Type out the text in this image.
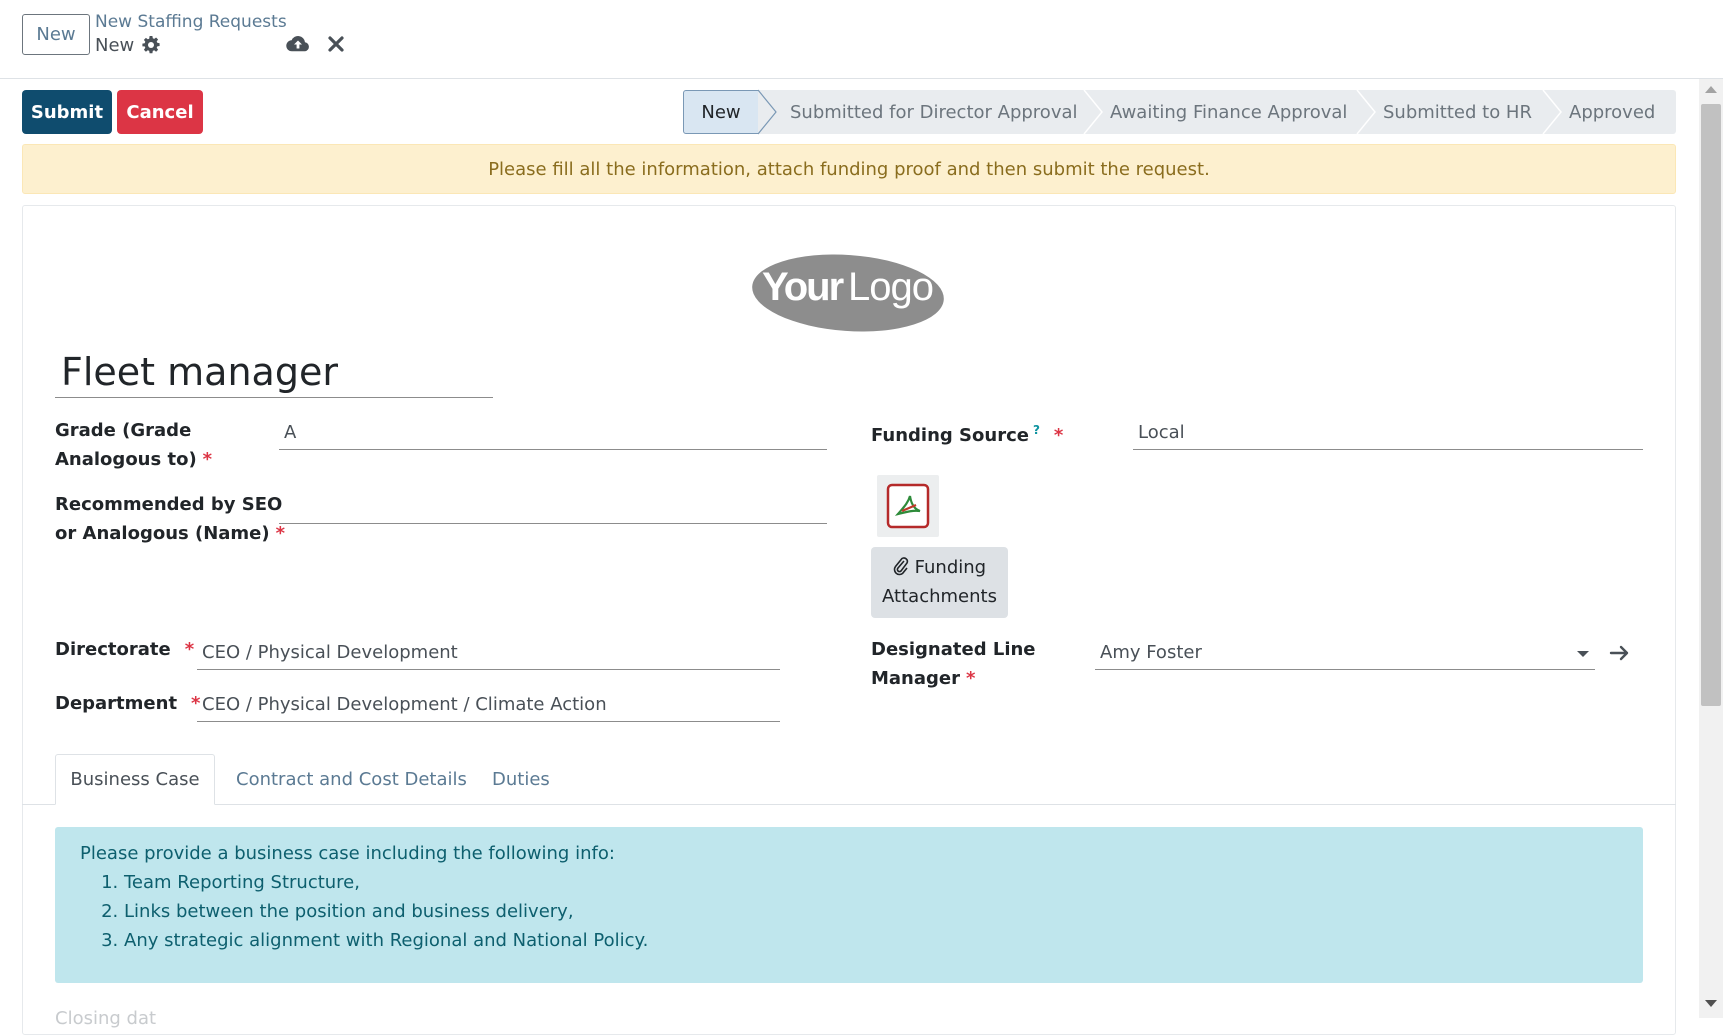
New
New Staffing Requests
New
Submit	Cancel	New	Submitted for Director Approval Awaiting Finance Approval Submitted to HR Approved
Please fill all the information, attach funding proof and then submit the request.
Your Logo
Fleet manager
Grade (Grade
Analogous to) *
A
Recommended by SEO
or Analogous (Name) *
Funding Source ? *	Local
Funding
Attachments
Directorate * CEO / Physical Development
Department * CEO / Physical Development / Climate Action
Designated Line
Manager *
Amy Foster
Business Case	Contract and Cost Details Duties
Please provide a business case including the following info:
1. Team Reporting Structure,
2. Links between the position and business delivery,
3. Any strategic alignment with Regional and National Policy.
Closing dat
